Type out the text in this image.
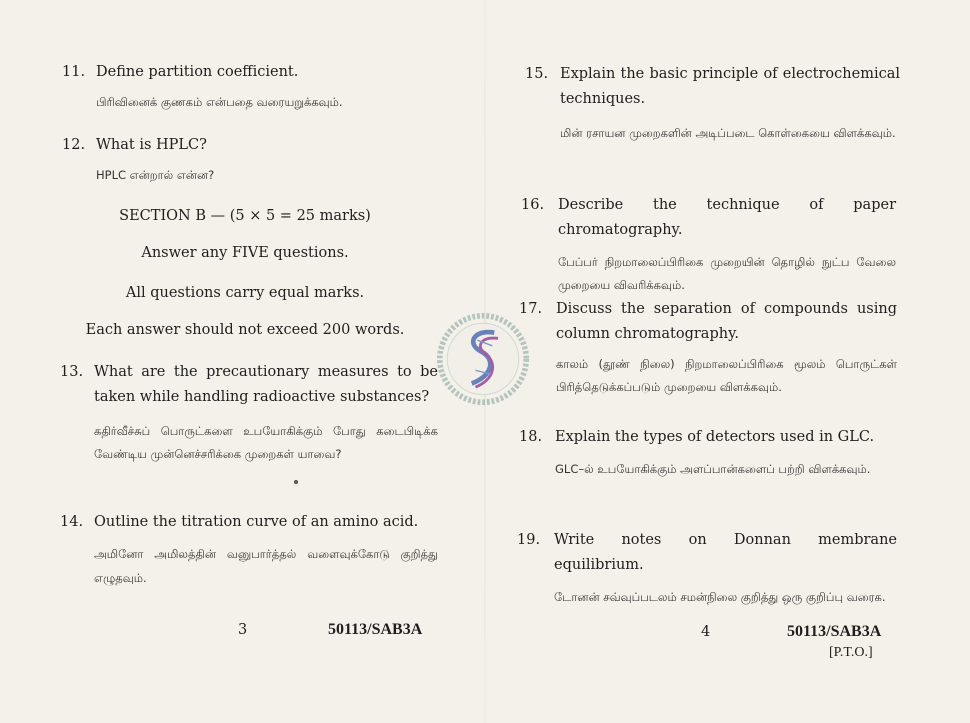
11. Define partition coefficient.

பிரிவினைக் குணகம் என்பதை வரையறுக்கவும்.

12. What is HPLC?

HPLC என்றால் என்ன?

SECTION B — (5 × 5 = 25 marks)
Answer any FIVE questions.
All questions carry equal marks.
Each answer should not exceed 200 words.
13. What are the precautionary measures to be taken while handling radioactive substances?

கதிர்வீச்சுப் பொருட்களை உபயோகிக்கும் போது கடைபிடிக்க வேண்டிய முன்னெச்சரிக்கை முறைகள் யாவை?

14. Outline the titration curve of an amino acid.

அமினோ அமிலத்தின் வனுபார்த்தல் வளைவுக்கோடு குறித்து எழுதவும்.

3	50113/SAB3A
15. Explain the basic principle of electrochemical techniques.

மின் ரசாயன முறைகளின் அடிப்படை கொள்கையை விளக்கவும்.

16. Describe the technique of paper chromatography.

பேப்பர் நிறமாலைப்பிரிகை முறையின் தொழில் நுட்ப வேலை முறையை விவரிக்கவும்.

17. Discuss the separation of compounds using column chromatography.

காலம் (தூண் நிலை) நிறமாலைப்பிரிகை மூலம் பொருட்கள் பிரித்தெடுக்கப்படும் முறையை விளக்கவும்.

18. Explain the types of detectors used in GLC.

GLC–ல் உபயோகிக்கும் அளப்பான்களைப் பற்றி விளக்கவும்.

19. Write notes on Donnan membrane equilibrium.

டோனன் சவ்வுப்படலம் சமன்நிலை குறித்து ஒரு குறிப்பு வரைக.

4	50113/SAB3A
[P.T.O.]
